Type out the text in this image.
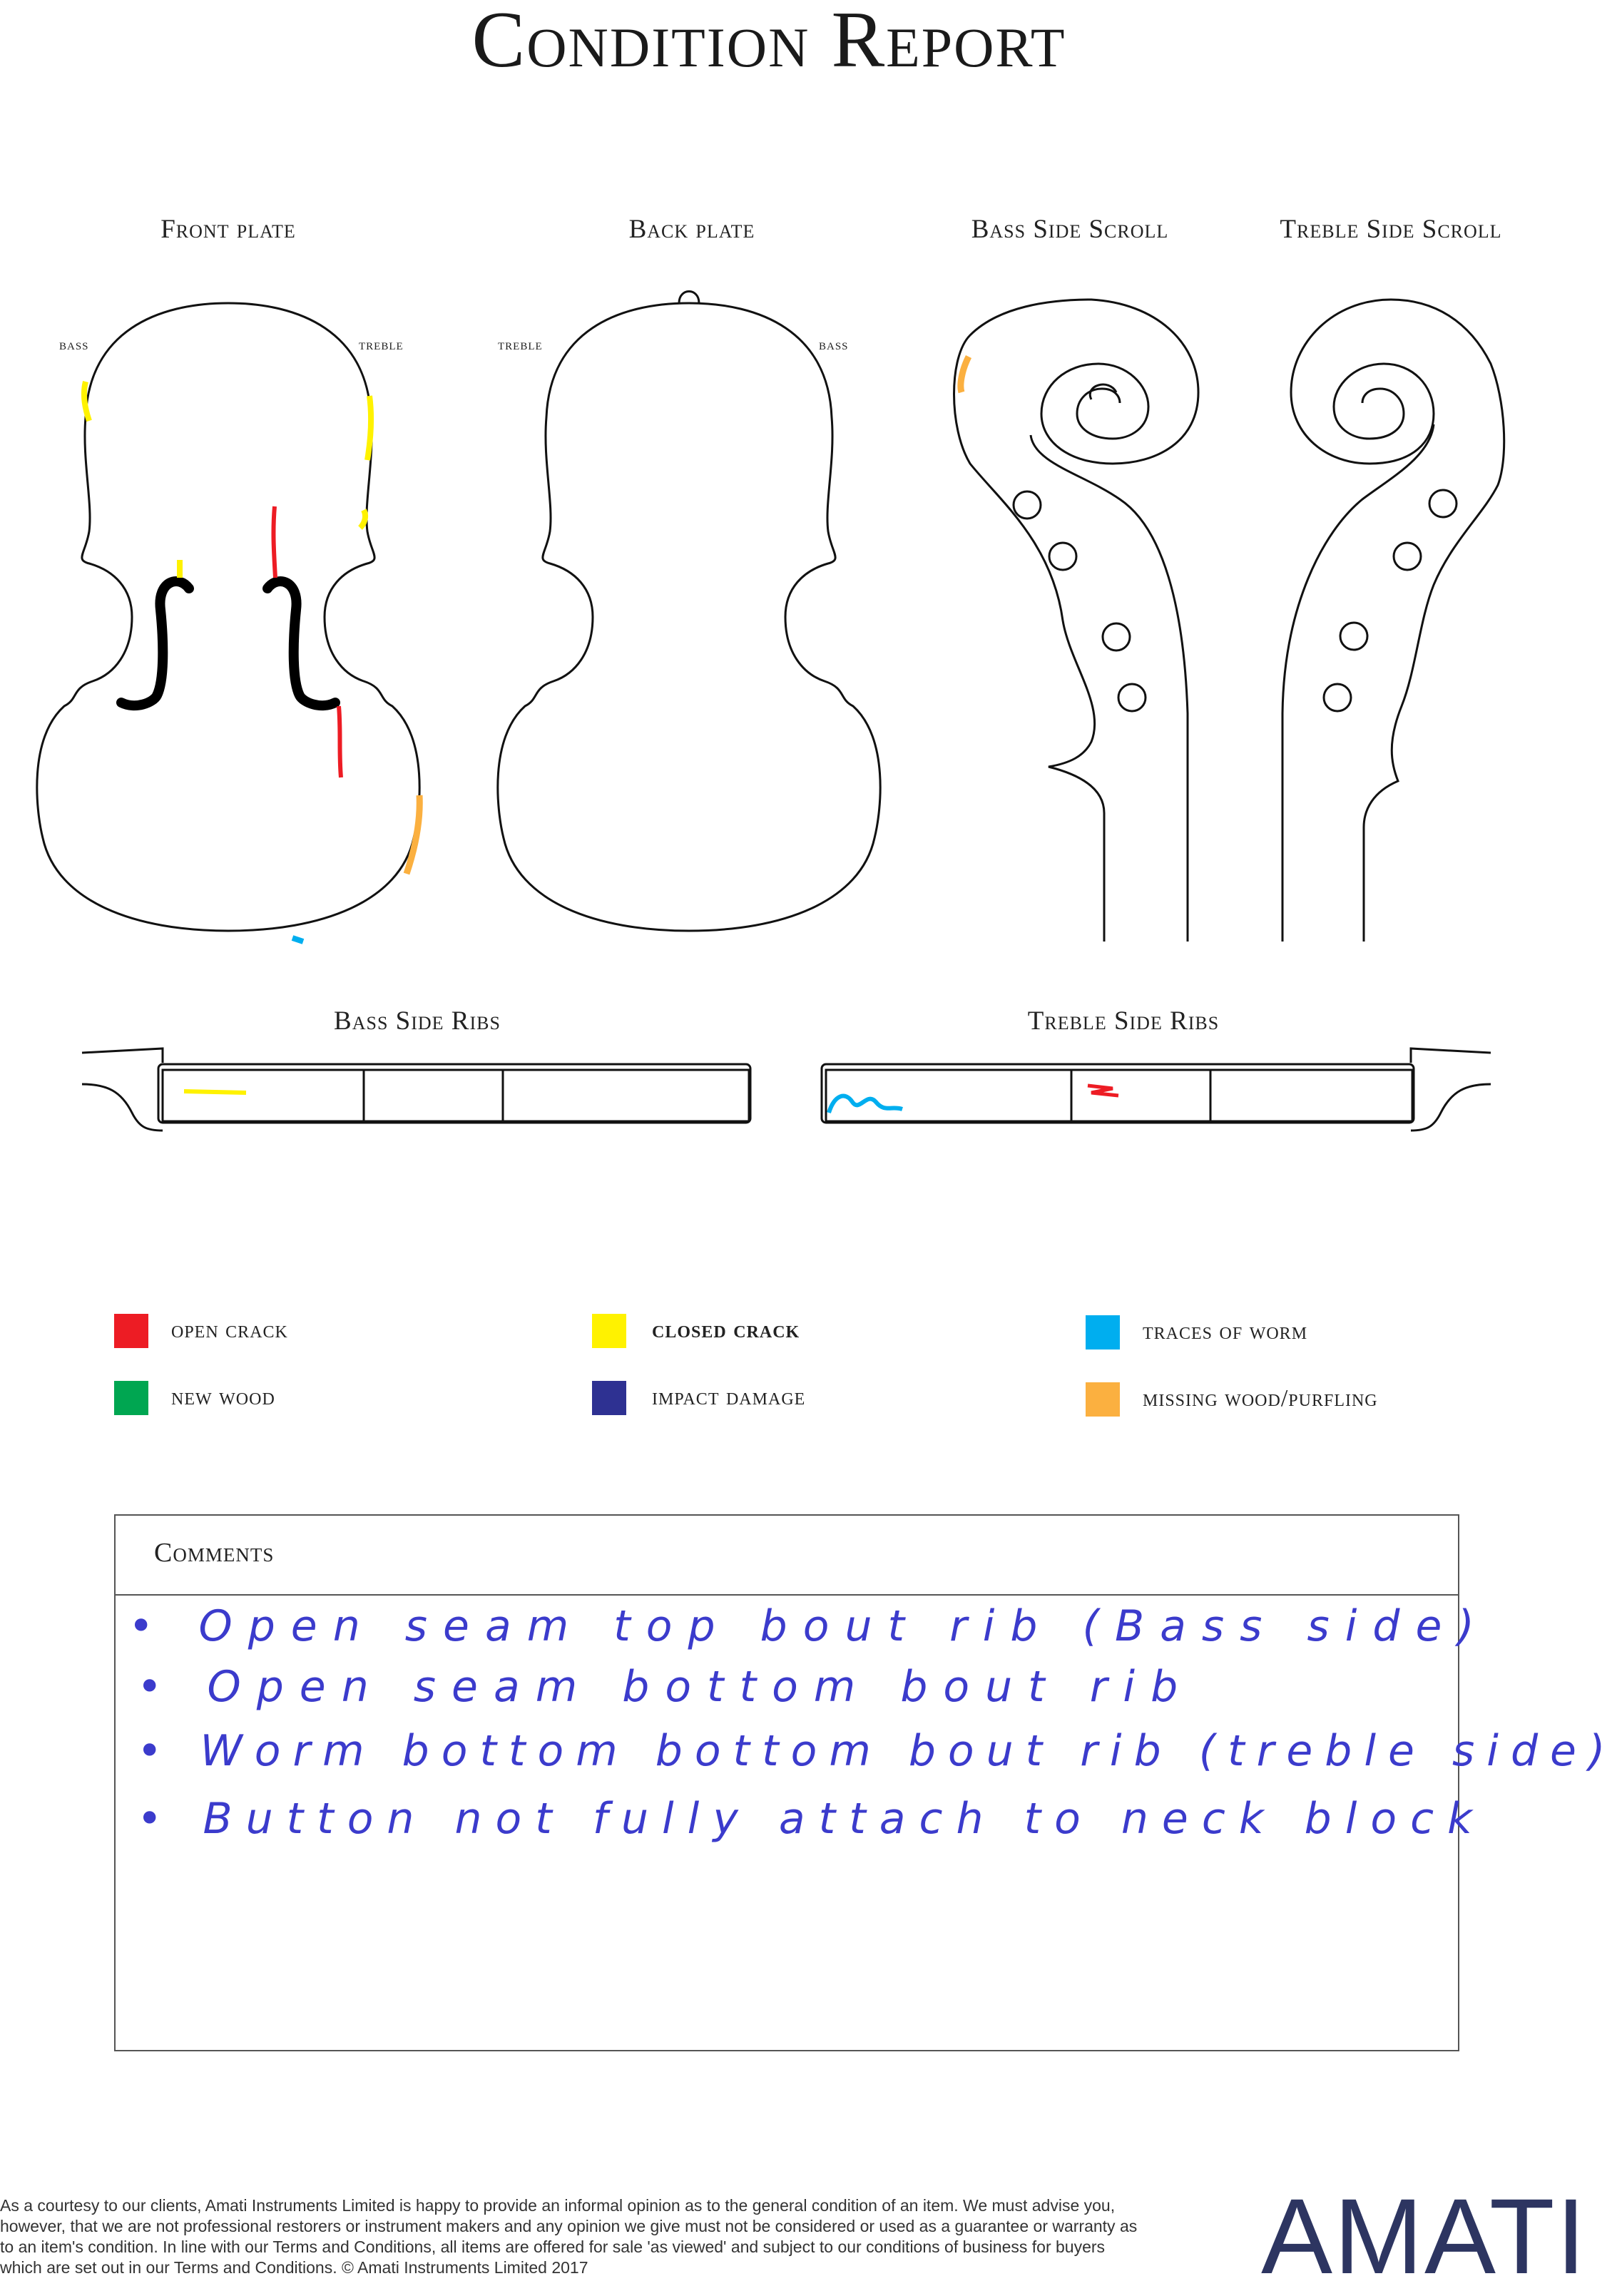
Condition Report
Front plate	Back plate	Bass Side Scroll	Treble Side Scroll
bass	treble	treble	bass
Bass Side Ribs	Treble Side Ribs
open crack	closed crack	traces of worm
new wood	impact damage	missing wood/purfling
Comments
• Open seam top bout rib (Bass side)
• Open seam bottom bout rib
• Worm bottom bottom bout rib (treble side)
• Button not fully attach to neck block
As a courtesy to our clients, Amati Instruments Limited is happy to provide an informal opinion as to the general condition of an item. We must advise you, however, that we are not professional restorers or instrument makers and any opinion we give must not be considered or used as a guarantee or warranty as to an item's condition. In line with our Terms and Conditions, all items are offered for sale 'as viewed' and subject to our conditions of business for buyers which are set out in our Terms and Conditions. © Amati Instruments Limited 2017	AMATI
